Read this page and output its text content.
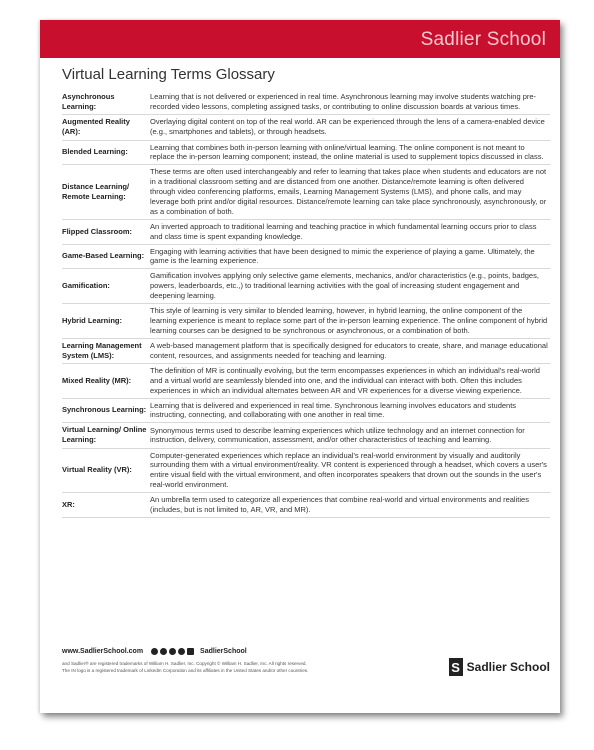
Sadlier School
Virtual Learning Terms Glossary
Asynchronous Learning:	Learning that is not delivered or experienced in real time. Asynchronous learning may involve students watching pre-recorded video lessons, completing assigned tasks, or contributing to online discussion boards at various times.
Augmented Reality (AR):	Overlaying digital content on top of the real world. AR can be experienced through the lens of a camera-enabled device (e.g., smartphones and tablets), or through headsets.
Blended Learning:	Learning that combines both in-person learning with online/virtual learning. The online component is not meant to replace the in-person learning component; instead, the online material is used to supplement topics discussed in class.
Distance Learning/ Remote Learning:	These terms are often used interchangeably and refer to learning that takes place when students and educators are not in a traditional classroom setting and are distanced from one another. Distance/remote learning is often delivered through video conferencing platforms, emails, Learning Management Systems (LMS), and phone calls, and may leverage both print and/or digital resources. Distance/remote learning can take place synchronously, asynchronously, or as a combination of both.
Flipped Classroom:	An inverted approach to traditional learning and teaching practice in which fundamental learning occurs prior to class and class time is spent expanding knowledge.
Game-Based Learning:	Engaging with learning activities that have been designed to mimic the experience of playing a game. Ultimately, the game is the learning experience.
Gamification:	Gamification involves applying only selective game elements, mechanics, and/or characteristics (e.g., points, badges, powers, leaderboards, etc.,) to traditional learning activities with the goal of increasing student engagement and deepening learning.
Hybrid Learning:	This style of learning is very similar to blended learning, however, in hybrid learning, the online component of the learning experience is meant to replace some part of the in-person learning experience. The online component of hybrid learning courses can be designed to be synchronous or asynchronous, or a combination of both.
Learning Management System (LMS):	A web-based management platform that is specifically designed for educators to create, share, and manage educational content, resources, and assignments needed for teaching and learning.
Mixed Reality (MR):	The definition of MR is continually evolving, but the term encompasses experiences in which an individual's real-world and a virtual world are seamlessly blended into one, and the individual can interact with both. Often this includes experiences in which an individual alternates between AR and VR experiences for a diverse viewing experience.
Synchronous Learning:	Learning that is delivered and experienced in real time. Synchronous learning involves educators and students instructing, connecting, and collaborating with one another in real time.
Virtual Learning/ Online Learning:	Synonymous terms used to describe learning experiences which utilize technology and an internet connection for instruction, delivery, communication, assessment, and/or other characteristics of teaching and learning.
Virtual Reality (VR):	Computer-generated experiences which replace an individual's real-world environment by visually and auditorily surrounding them with a virtual environment/reality. VR content is experienced through a headset, which covers a user's entire visual field with the virtual environment, and often incorporates speakers that drown out the sounds in the user's real-world environment.
XR:	An umbrella term used to categorize all experiences that combine real-world and virtual environments and realities (includes, but is not limited to, AR, VR, and MR).
www.SadlierSchool.com	SadlierSchool
and Sadlier® are registered trademarks of William H. Sadlier, Inc. Copyright © William H. Sadlier, Inc. All rights reserved.
The IN logo is a registered trademark of LinkedIn Corporation and its affiliates in the United States and/or other countries.	S Sadlier School
